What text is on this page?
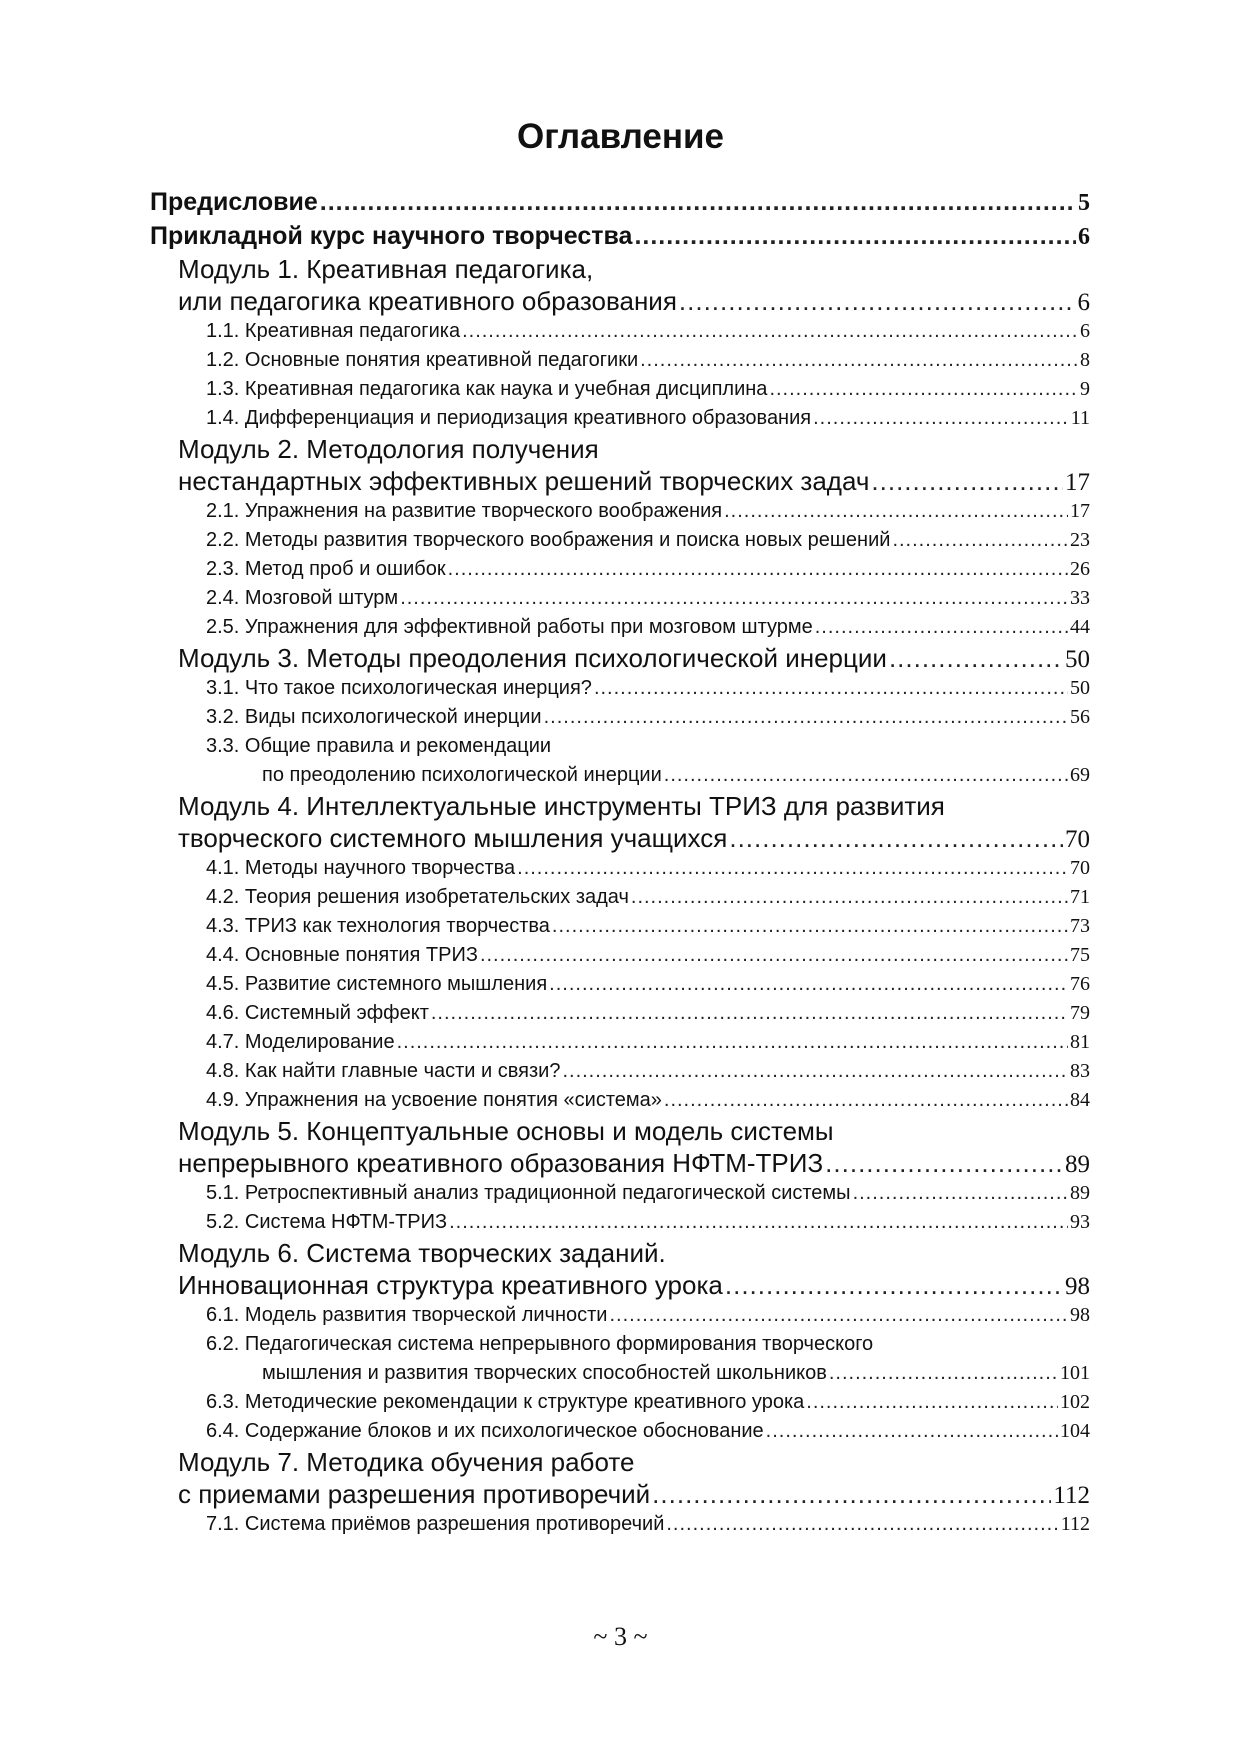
Оглавление
Предисловие .....	5
Прикладной курс научного творчества .....	6
Модуль 1. Креативная педагогика,
или педагогика креативного образования .....	6
1.1. Креативная педагогика .....	6
1.2. Основные понятия креативной педагогики .....	8
1.3. Креативная педагогика как наука и учебная дисциплина .....	9
1.4. Дифференциация и периодизация креативного образования .....	11
Модуль 2. Методология получения
нестандартных эффективных решений творческих задач .....	17
2.1. Упражнения на развитие творческого воображения .....	17
2.2. Методы развития творческого воображения и поиска новых решений .....	23
2.3. Метод проб и ошибок .....	26
2.4. Мозговой штурм .....	33
2.5. Упражнения для эффективной работы при мозговом штурме .....	44
Модуль 3. Методы преодоления психологической инерции .....	50
3.1. Что такое психологическая инерция? .....	50
3.2. Виды психологической инерции .....	56
3.3. Общие правила и рекомендации
по преодолению психологической инерции .....	69
Модуль 4. Интеллектуальные инструменты ТРИЗ для развития
творческого системного мышления учащихся .....	70
4.1. Методы научного творчества .....	70
4.2. Теория решения изобретательских задач .....	71
4.3. ТРИЗ как технология творчества .....	73
4.4. Основные понятия ТРИЗ .....	75
4.5. Развитие системного мышления .....	76
4.6. Системный эффект .....	79
4.7. Моделирование .....	81
4.8. Как найти главные части и связи? .....	83
4.9. Упражнения на усвоение понятия «система» .....	84
Модуль 5. Концептуальные основы и модель системы
непрерывного креативного образования НФТМ-ТРИЗ .....	89
5.1. Ретроспективный анализ традиционной педагогической системы .....	89
5.2. Система НФТМ-ТРИЗ .....	93
Модуль 6. Система творческих заданий.
Инновационная структура креативного урока .....	98
6.1. Модель развития творческой личности .....	98
6.2. Педагогическая система непрерывного формирования творческого
мышления и развития творческих способностей школьников .....	101
6.3. Методические рекомендации к структуре креативного урока .....	102
6.4. Содержание блоков и их психологическое обоснование .....	104
Модуль 7. Методика обучения работе
с приемами разрешения противоречий .....	112
7.1. Система приёмов разрешения противоречий .....	112
~ 3 ~
